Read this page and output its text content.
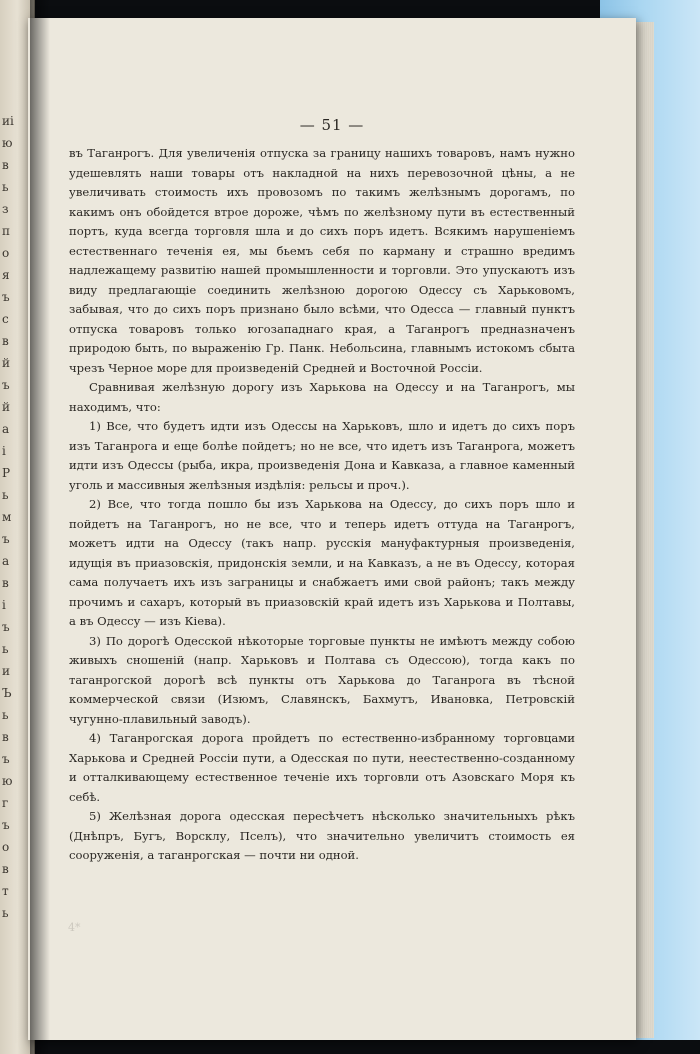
иi
ю
в
ь
з
п
о
я
ъ
с
в
й
ъ
й
а
і
Р
ь
м
ъ
а
в
і
ъ
ь
и
Ъ
ь
в
ъ
ю
г
ъ
о
в
т
ь
— 51 —

въ Таганрогъ. Для увеличенія отпуска за границу нашихъ товаровъ, намъ нужно удешевлять наши товары отъ накладной на нихъ перевозочной цѣны, а не увеличивать стоимость ихъ провозомъ по такимъ желѣзнымъ дорогамъ, по какимъ онъ обойдется втрое дороже, чѣмъ по желѣзному пути въ естественный портъ, куда всегда торговля шла и до сихъ поръ идетъ. Всякимъ нарушеніемъ естественнаго теченія ея, мы бьемъ себя по карману и страшно вредимъ надлежащему развитію нашей промышленности и торговли. Это упускаютъ изъ виду предлагающіе соединить желѣзною дорогою Одессу съ Харьковомъ, забывая, что до сихъ поръ признано было всѣми, что Одесса — главный пунктъ отпуска товаровъ только югозападнаго края, а Таганрогъ предназначенъ природою быть, по выраженію Гр. Панк. Небольсина, главнымъ истокомъ сбыта чрезъ Черное море для произведеній Средней и Восточной Россіи.

Сравнивая желѣзную дорогу изъ Харькова на Одессу и на Таганрогъ, мы находимъ, что:

1) Все, что будетъ идти изъ Одессы на Харьковъ, шло и идетъ до сихъ поръ изъ Таганрога и еще болѣе пойдетъ; но не все, что идетъ изъ Таганрога, можетъ идти изъ Одессы (рыба, икра, произведенія Дона и Кавказа, а главное каменный уголь и массивныя желѣзныя издѣлія: рельсы и проч.).

2) Все, что тогда пошло бы изъ Харькова на Одессу, до сихъ поръ шло и пойдетъ на Таганрогъ, но не все, что и теперь идетъ оттуда на Таганрогъ, можетъ идти на Одессу (такъ напр. русскія мануфактурныя произведенія, идущія въ приазовскія, придонскія земли, и на Кавказъ, а не въ Одессу, которая сама получаетъ ихъ изъ заграницы и снабжаетъ ими свой районъ; такъ между прочимъ и сахаръ, который въ приазовскій край идетъ изъ Харькова и Полтавы, а въ Одессу — изъ Кіева).

3) По дорогѣ Одесской нѣкоторые торговые пункты не имѣютъ между собою живыхъ сношеній (напр. Харьковъ и Полтава съ Одессою), тогда какъ по таганрогской дорогѣ всѣ пункты отъ Харькова до Таганрога въ тѣсной коммерческой связи (Изюмъ, Славянскъ, Бахмутъ, Ивановка, Петровскій чугунно-плавильный заводъ).

4) Таганрогская дорога пройдетъ по естественно-избранному торговцами Харькова и Средней Россіи пути, а Одесская по пути, неестественно-созданному и отталкивающему естественное теченіе ихъ торговли отъ Азовскаго Моря къ себѣ.

5) Желѣзная дорога одесская пересѣчетъ нѣсколько значительныхъ рѣкъ (Днѣпръ, Бугъ, Ворсклу, Пселъ), что значительно увеличитъ стоимость ея сооруженія, а таганрогская — почти ни одной.

4*
